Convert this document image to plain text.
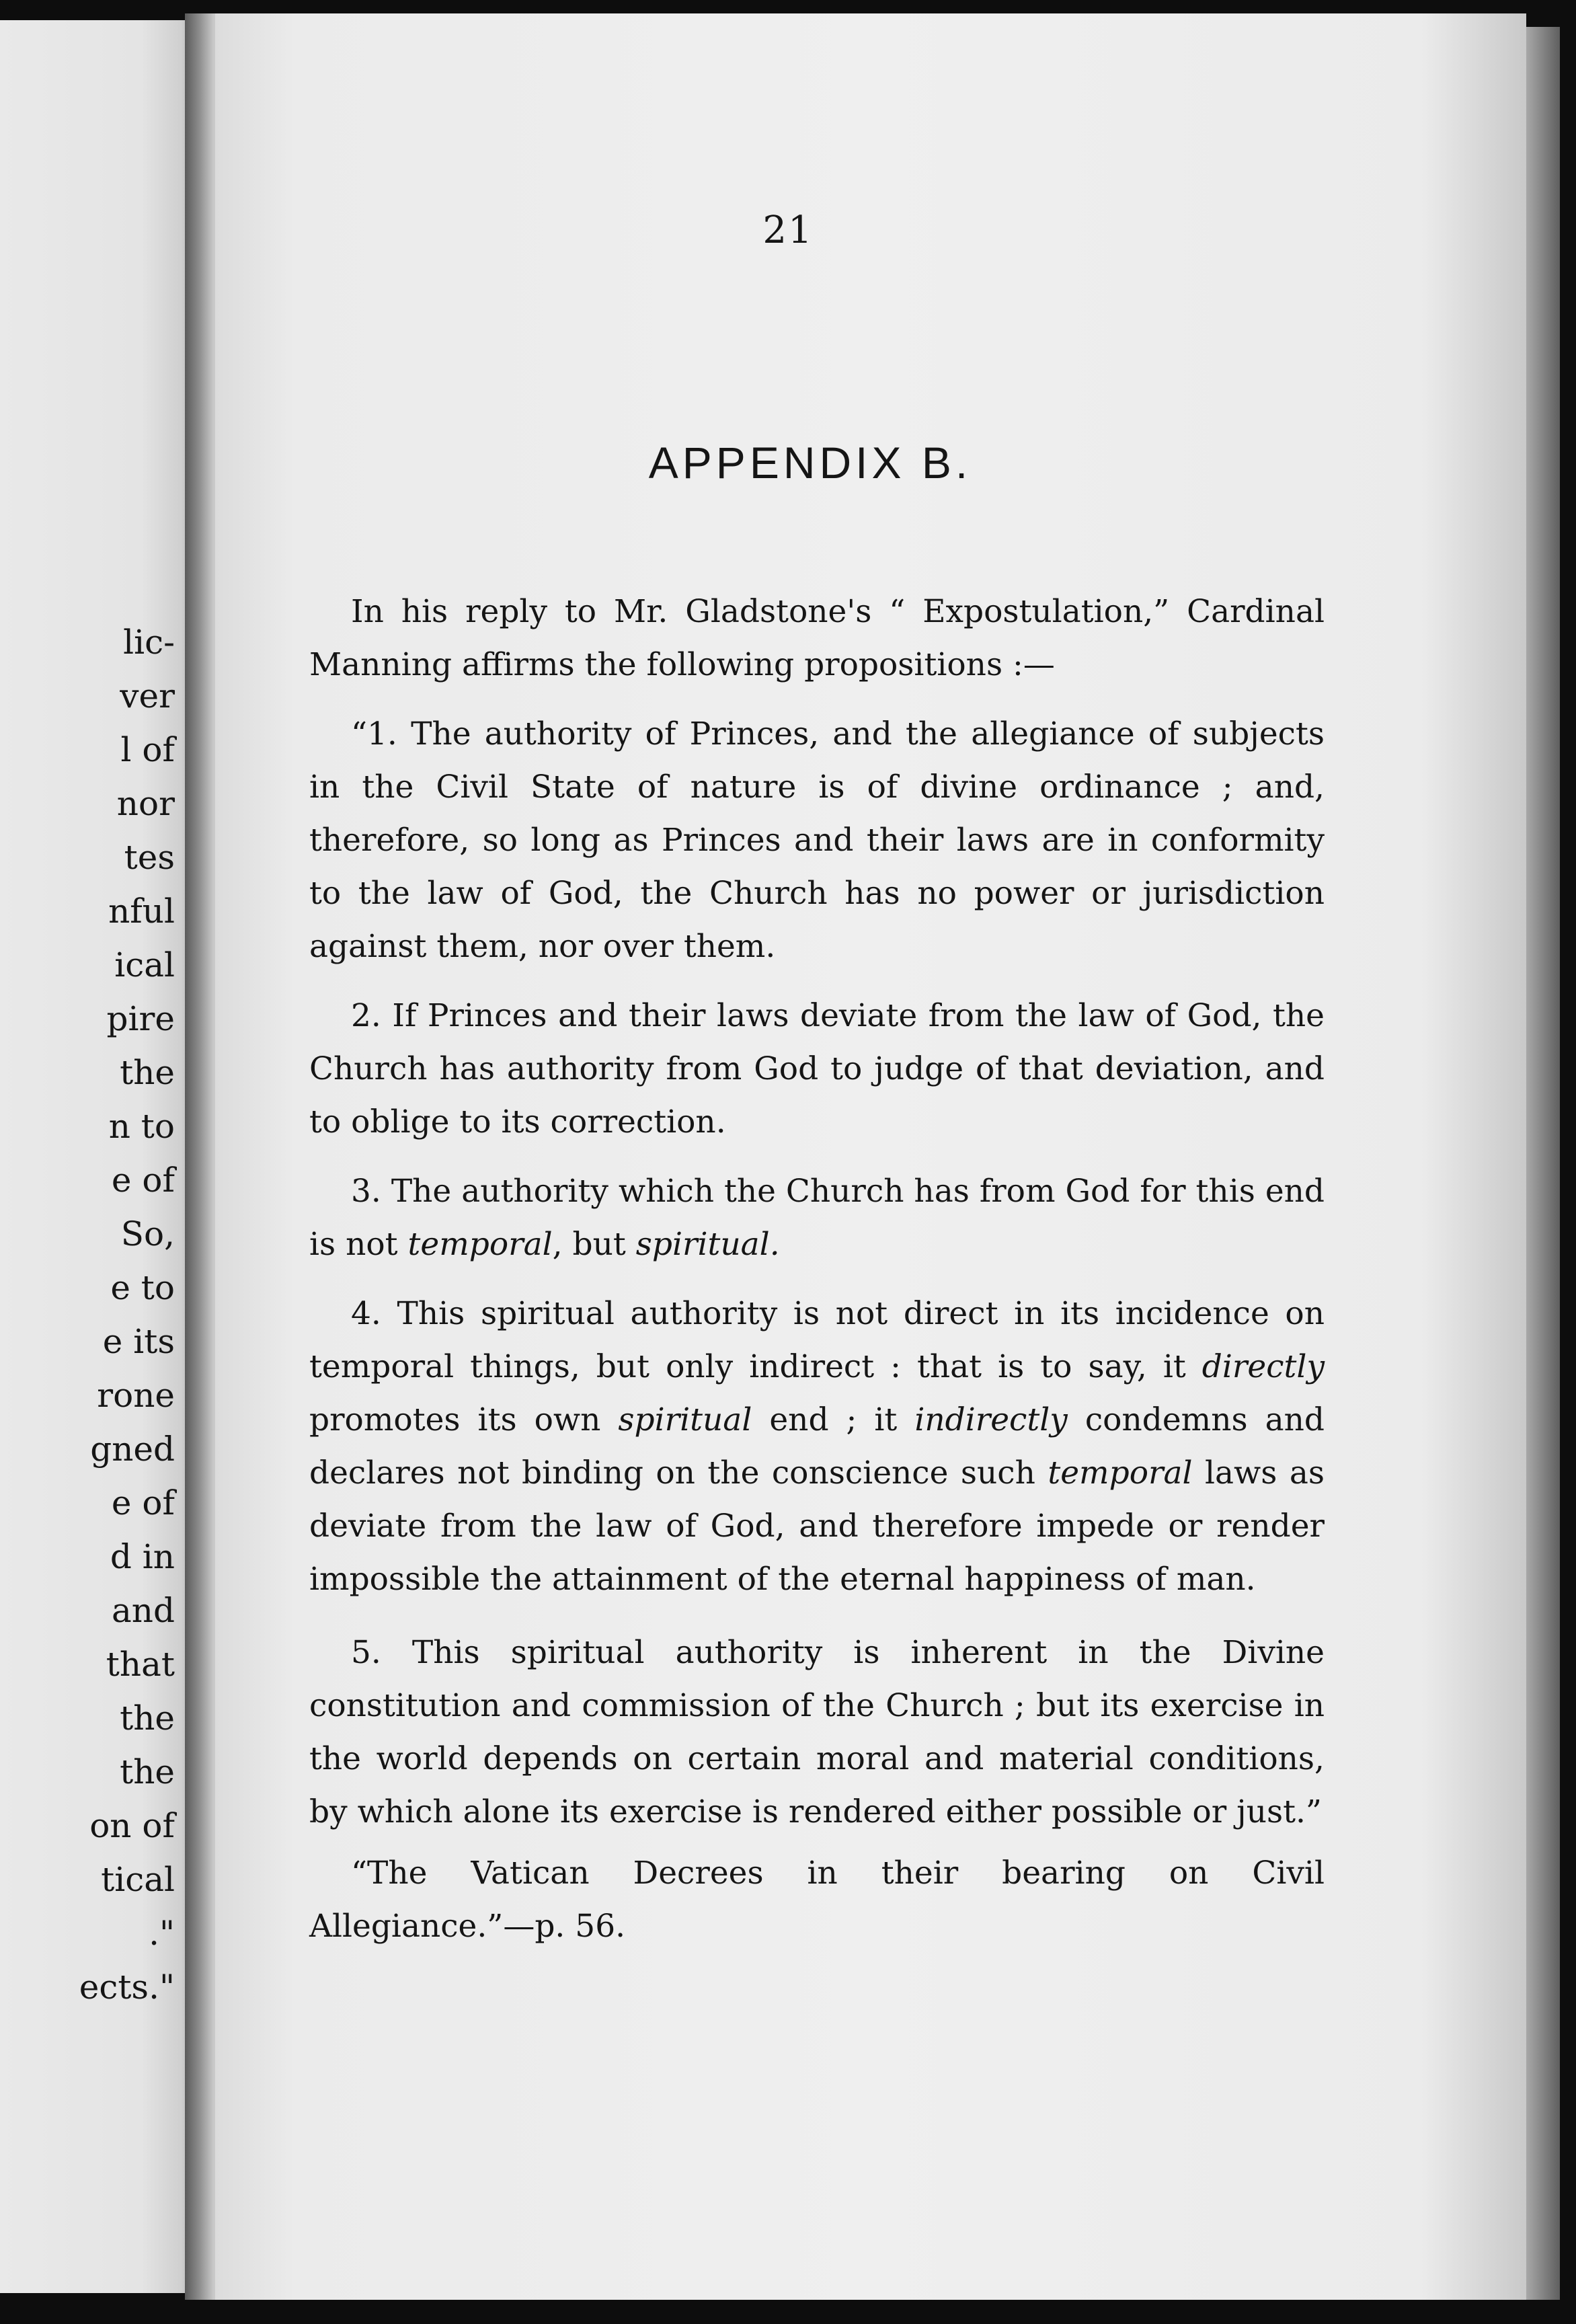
lic-
ver
l of
nor
tes
nful
ical
pire
the
n to
e of
So,
e to
e its
rone
gned
e of
d in
and
that
the
the
on of
tical
."
ects."
21
APPENDIX B.

In his reply to Mr. Gladstone's “ Expostulation,” Cardinal Manning affirms the following propositions :—

“1. The authority of Princes, and the allegiance of subjects in the Civil State of nature is of divine ordinance ; and, therefore, so long as Princes and their laws are in conformity to the law of God, the Church has no power or jurisdiction against them, nor over them.

2. If Princes and their laws deviate from the law of God, the Church has authority from God to judge of that deviation, and to oblige to its correction.

3. The authority which the Church has from God for this end is not temporal, but spiritual.

4. This spiritual authority is not direct in its incidence on temporal things, but only indirect : that is to say, it directly promotes its own spiritual end ; it indirectly condemns and declares not binding on the conscience such temporal laws as deviate from the law of God, and therefore impede or render impossible the attainment of the eternal happiness of man.

5. This spiritual authority is inherent in the Divine constitution and commission of the Church ; but its exercise in the world depends on certain moral and material conditions, by which alone its exercise is rendered either possible or just.”

“The Vatican Decrees in their bearing on Civil Allegiance.”—p. 56.
